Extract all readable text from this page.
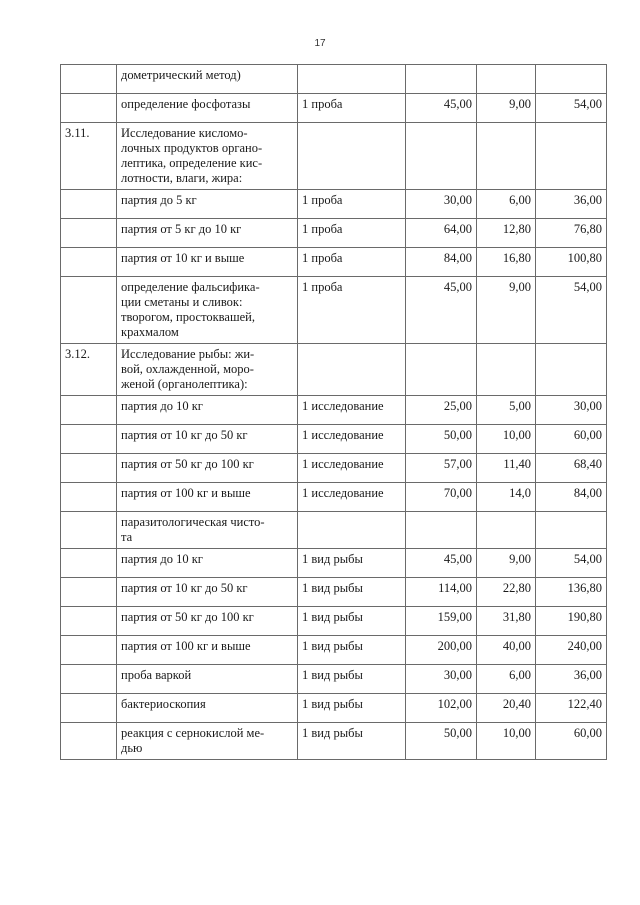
17

	дометрический метод)				

	определение фосфотазы	1 проба	45,00	9,00	54,00

3.11.	Исследование кисломо-
лочных продуктов органо-
лептика, определение кис-
лотности, влаги, жира:				

	партия до 5 кг	1 проба	30,00	6,00	36,00

	партия от 5 кг до 10 кг	1 проба	64,00	12,80	76,80

	партия от 10 кг и выше	1 проба	84,00	16,80	100,80

	определение фальсифика-
ции сметаны и сливок:
творогом, простоквашей,
крахмалом	1 проба	45,00	9,00	54,00

3.12.	Исследование рыбы: жи-
вой, охлажденной, моро-
женой (органолептика):				

	партия до 10 кг	1 исследование	25,00	5,00	30,00

	партия от 10 кг до 50 кг	1 исследование	50,00	10,00	60,00

	партия от 50 кг до 100 кг	1 исследование	57,00	11,40	68,40

	партия от 100 кг и выше	1 исследование	70,00	14,0	84,00

	паразитологическая чисто-
та				

	партия до 10 кг	1 вид рыбы	45,00	9,00	54,00

	партия от 10 кг до 50 кг	1 вид рыбы	114,00	22,80	136,80

	партия от 50 кг до 100 кг	1 вид рыбы	159,00	31,80	190,80

	партия от 100 кг и выше	1 вид рыбы	200,00	40,00	240,00

	проба варкой	1 вид рыбы	30,00	6,00	36,00

	бактериоскопия	1 вид рыбы	102,00	20,40	122,40

	реакция с сернокислой ме-
дью	1 вид рыбы	50,00	10,00	60,00
